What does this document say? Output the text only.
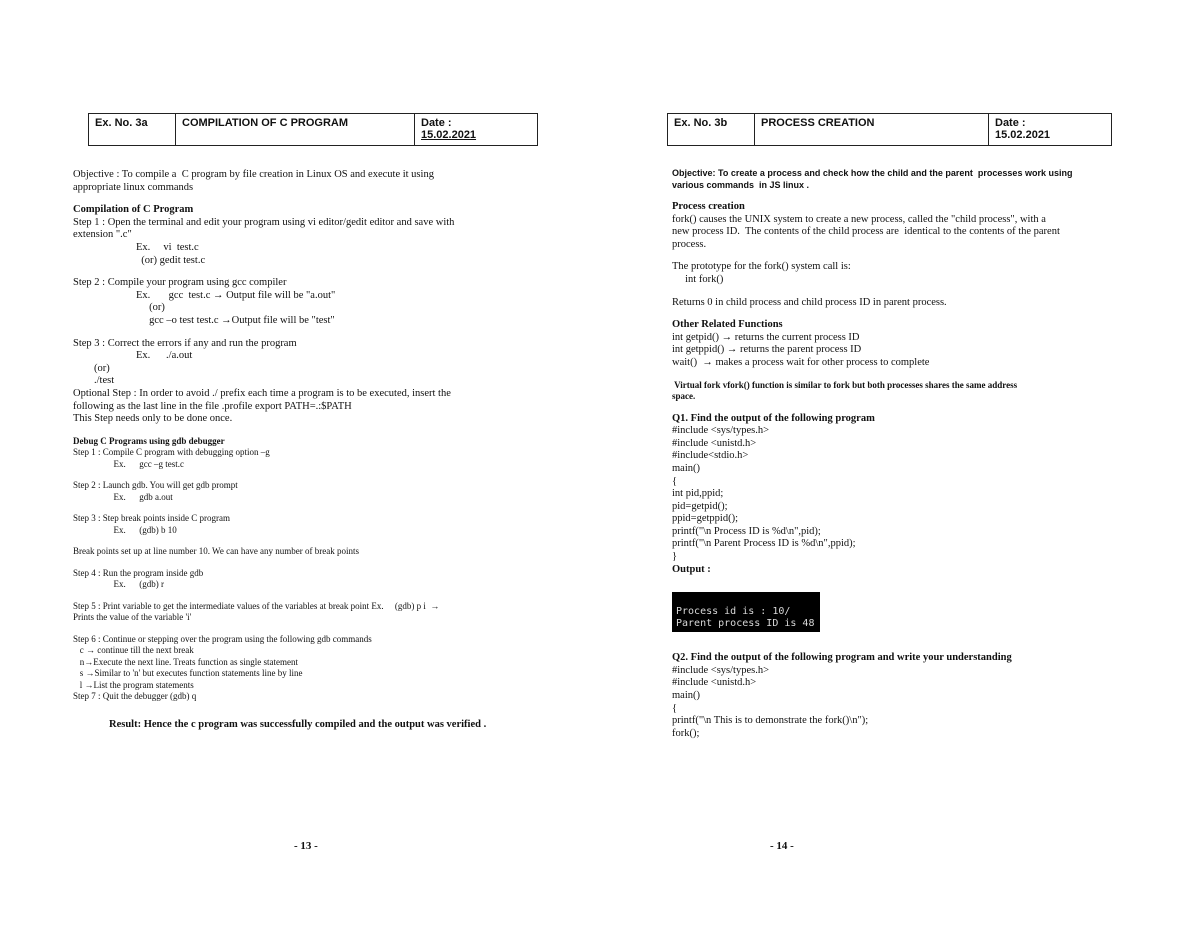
Ex. No. 3a	COMPILATION OF C PROGRAM	Date :
15.02.2021
Objective : To compile a  C program by file creation in Linux OS and execute it using
appropriate linux commands
Compilation of C Program
Step 1 : Open the terminal and edit your program using vi editor/gedit editor and save with
extension ".c"
Ex.     vi  test.c
(or) gedit test.c
Step 2 : Compile your program using gcc compiler
Ex.       gcc  test.c → Output file will be "a.out"
(or)
gcc –o test test.c →Output file will be "test"
Step 3 : Correct the errors if any and run the program
Ex.      ./a.out
(or)
./test
Optional Step : In order to avoid ./ prefix each time a program is to be executed, insert the
following as the last line in the file .profile export PATH=.:$PATH
This Step needs only to be done once.
Debug C Programs using gdb debugger
Step 1 : Compile C program with debugging option –g
Ex.      gcc –g test.c
Step 2 : Launch gdb. You will get gdb prompt
Ex.      gdb a.out
Step 3 : Step break points inside C program
Ex.      (gdb) b 10
Break points set up at line number 10. We can have any number of break points
Step 4 : Run the program inside gdb
Ex.      (gdb) r
Step 5 : Print variable to get the intermediate values of the variables at break point Ex.     (gdb) p i  →
Prints the value of the variable 'i'
Step 6 : Continue or stepping over the program using the following gdb commands
c → continue till the next break
n→Execute the next line. Treats function as single statement
s →Similar to 'n' but executes function statements line by line
l →List the program statements
Step 7 : Quit the debugger (gdb) q
Result: Hence the c program was successfully compiled and the output was verified .
- 13 -
Ex. No. 3b	PROCESS CREATION	Date :
15.02.2021
Objective: To create a process and check how the child and the parent  processes work using
various commands  in JS linux .
Process creation
fork() causes the UNIX system to create a new process, called the "child process", with a
new process ID.  The contents of the child process are  identical to the contents of the parent
process.
The prototype for the fork() system call is:
int fork()
Returns 0 in child process and child process ID in parent process.
Other Related Functions
int getpid() → returns the current process ID
int getppid() → returns the parent process ID
wait()  → makes a process wait for other process to complete
Virtual fork vfork() function is similar to fork but both processes shares the same address
space.
Q1. Find the output of the following program
#include <sys/types.h>
#include <unistd.h>
#include<stdio.h>
main()
{
int pid,ppid;
pid=getpid();
ppid=getppid();
printf("\n Process ID is %d\n",pid);
printf("\n Parent Process ID is %d\n",ppid);
}
Output :
Process id is : 10/
Parent process ID is 48
Q2. Find the output of the following program and write your understanding
#include <sys/types.h>
#include <unistd.h>
main()
{
printf("\n This is to demonstrate the fork()\n");
fork();
- 14 -
